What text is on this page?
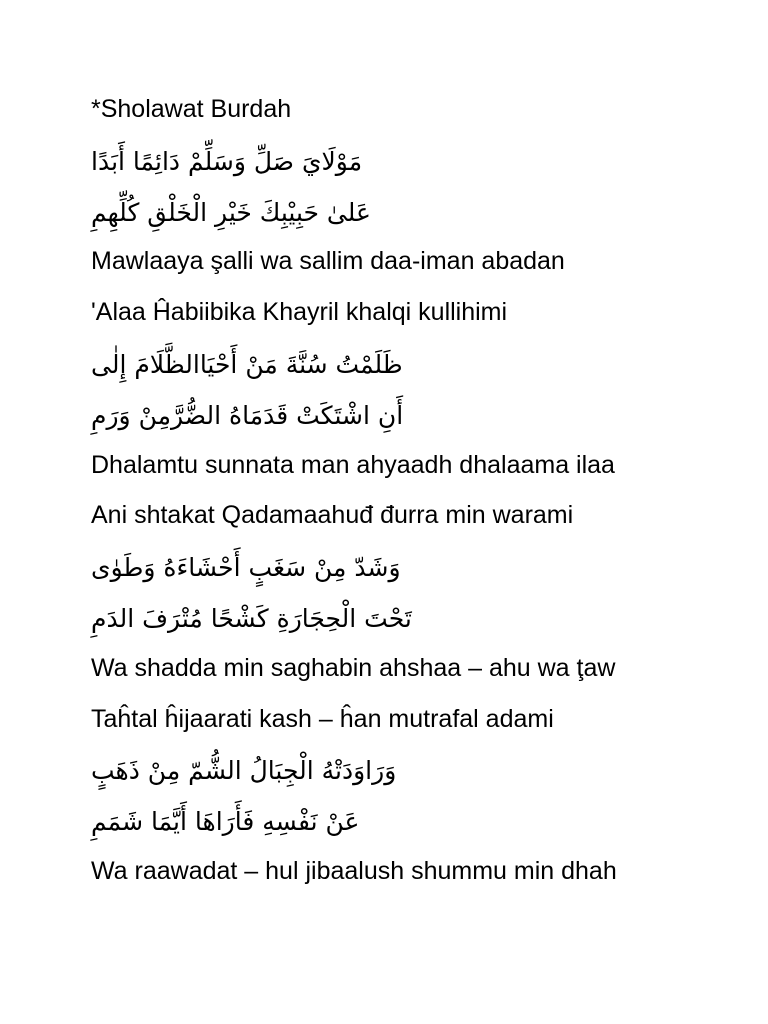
*Sholawat Burdah
مَوْلَايَ صَلِّ وَسَلِّمْ دَائِمًا أَبَدًا
عَلىٰ حَبِيْبِكَ خَيْرِ الْخَلْقِ كُلِّهِمِ
Mawlaaya şalli wa sallim daa-iman abadan
'Alaa Ĥabiibika Khayril khalqi kullihimi
ظَلَمْتُ سُنَّةَ مَنْ أَحْيَاالظَّلَامَ إِلٰى
أَنِ اشْتَكَتْ قَدَمَاهُ الضُّرَّمِنْ وَرَمِ
Dhalamtu sunnata man ahyaadh dhalaama ilaa
Ani shtakat Qadamaahuđ đurra min warami
وَشَدّ مِنْ سَغَبٍ أَحْشَاءَهُ وَطَوٰى
تَحْتَ الْحِجَارَةِ كَشْحًا مُتْرَفَ الدَمِ
Wa shadda min saghabin ahshaa – ahu wa ţaw
Taĥtal ĥijaarati kash – ĥan mutrafal adami
وَرَاوَدَتْهُ الْجِبَالُ الشُّمّ مِنْ ذَهَبٍ
عَنْ نَفْسِهِ فَأَرَاهَا أَيَّمَا شَمَمِ
Wa raawadat – hul jibaalush shummu min dhah
